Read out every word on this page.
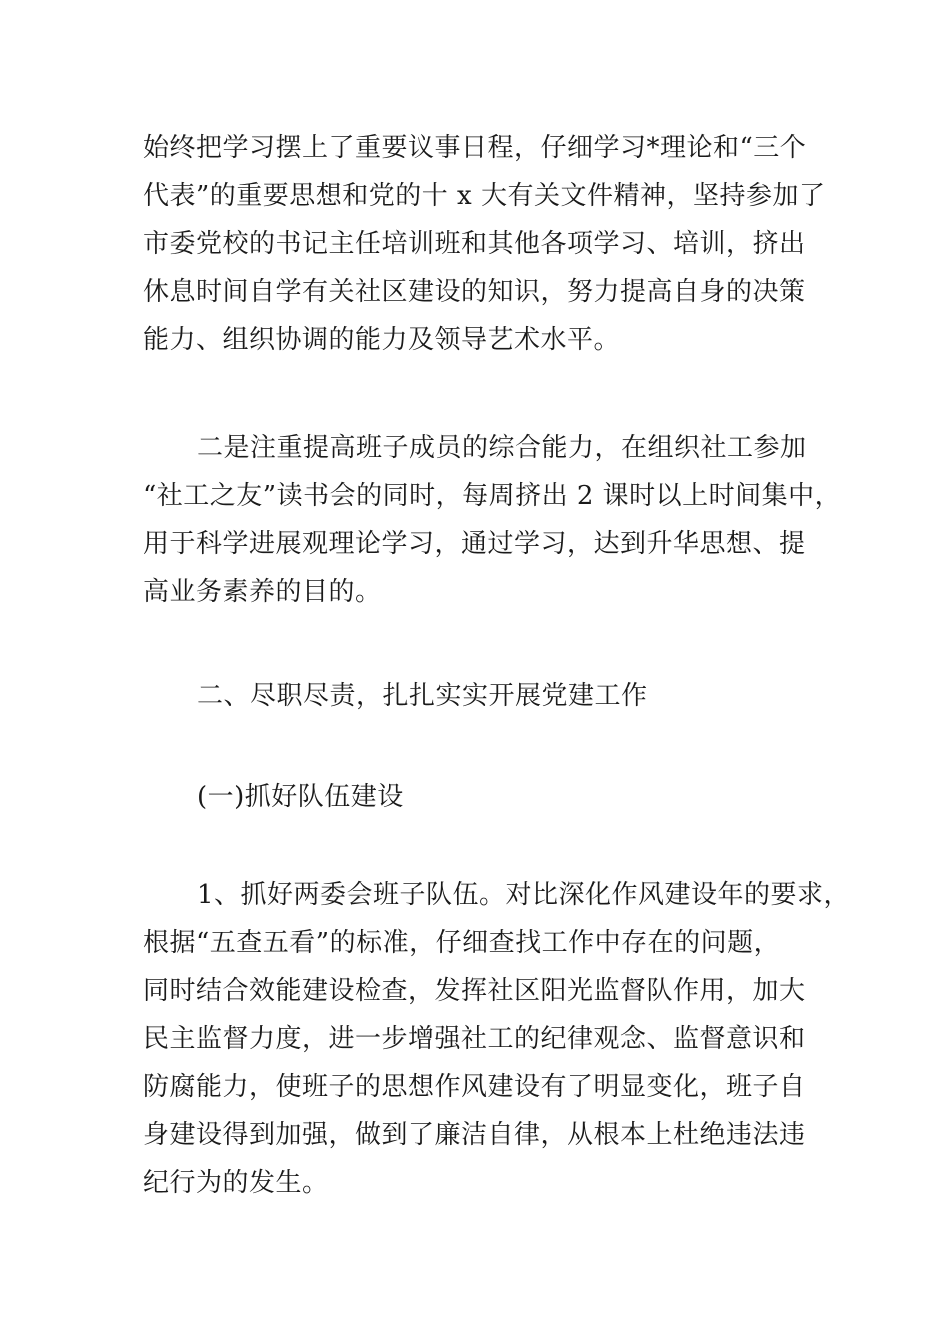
始终把学习摆上了重要议事日程，仔细学习*理论和“三个
代表”的重要思想和党的十 x 大有关文件精神，坚持参加了
市委党校的书记主任培训班和其他各项学习、培训，挤出
休息时间自学有关社区建设的知识，努力提高自身的决策
能力、组织协调的能力及领导艺术水平。

二是注重提高班子成员的综合能力，在组织社工参加
“社工之友”读书会的同时，每周挤出 2 课时以上时间集中，
用于科学进展观理论学习，通过学习，达到升华思想、提
高业务素养的目的。

二、尽职尽责，扎扎实实开展党建工作

(一)抓好队伍建设

1、抓好两委会班子队伍。对比深化作风建设年的要求，
根据“五查五看”的标准，仔细查找工作中存在的问题，
同时结合效能建设检查，发挥社区阳光监督队作用，加大
民主监督力度，进一步增强社工的纪律观念、监督意识和
防腐能力，使班子的思想作风建设有了明显变化，班子自
身建设得到加强，做到了廉洁自律，从根本上杜绝违法违
纪行为的发生。
